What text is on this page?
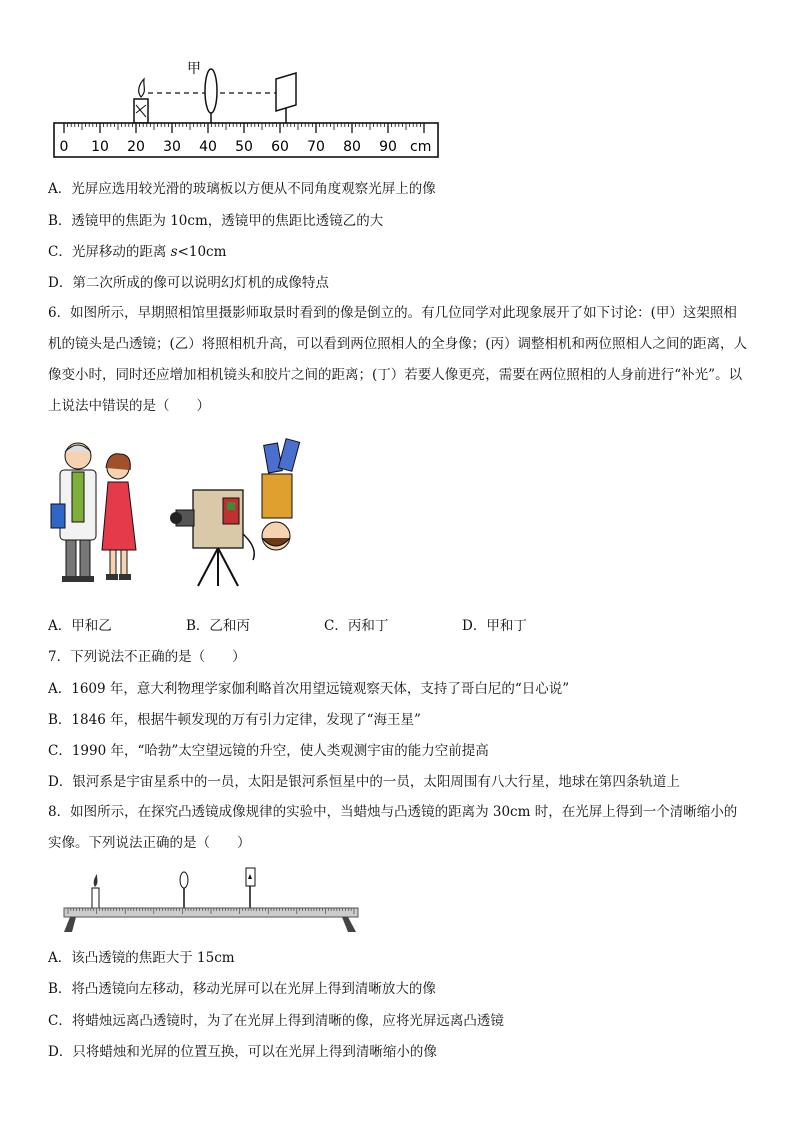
甲
0 10 20 30 40 50 60 70 80 90 cm
A．光屏应选用较光滑的玻璃板以方便从不同角度观察光屏上的像
B．透镜甲的焦距为 10cm，透镜甲的焦距比透镜乙的大
C．光屏移动的距离 s<10cm
D．第二次所成的像可以说明幻灯机的成像特点
6．如图所示，早期照相馆里摄影师取景时看到的像是倒立的。有几位同学对此现象展开了如下讨论：(甲）这架照相机的镜头是凸透镜；(乙）将照相机升高，可以看到两位照相人的全身像；(丙）调整相机和两位照相人之间的距离，人像变小时，同时还应增加相机镜头和胶片之间的距离；(丁）若要人像更亮，需要在两位照相的人身前进行“补光”。以上说法中错误的是（　　）
A．甲和乙	B．乙和丙	C．丙和丁	D．甲和丁
7．下列说法不正确的是（　　）
A．1609 年，意大利物理学家伽利略首次用望远镜观察天体，支持了哥白尼的“日心说”
B．1846 年，根据牛顿发现的万有引力定律，发现了“海王星”
C．1990 年，“哈勃”太空望远镜的升空，使人类观测宇宙的能力空前提高
D．银河系是宇宙星系中的一员，太阳是银河系恒星中的一员，太阳周围有八大行星，地球在第四条轨道上
8．如图所示，在探究凸透镜成像规律的实验中，当蜡烛与凸透镜的距离为 30cm 时，在光屏上得到一个清晰缩小的实像。下列说法正确的是（　　）
A．该凸透镜的焦距大于 15cm
B．将凸透镜向左移动，移动光屏可以在光屏上得到清晰放大的像
C．将蜡烛远离凸透镜时，为了在光屏上得到清晰的像，应将光屏远离凸透镜
D．只将蜡烛和光屏的位置互换，可以在光屏上得到清晰缩小的像
